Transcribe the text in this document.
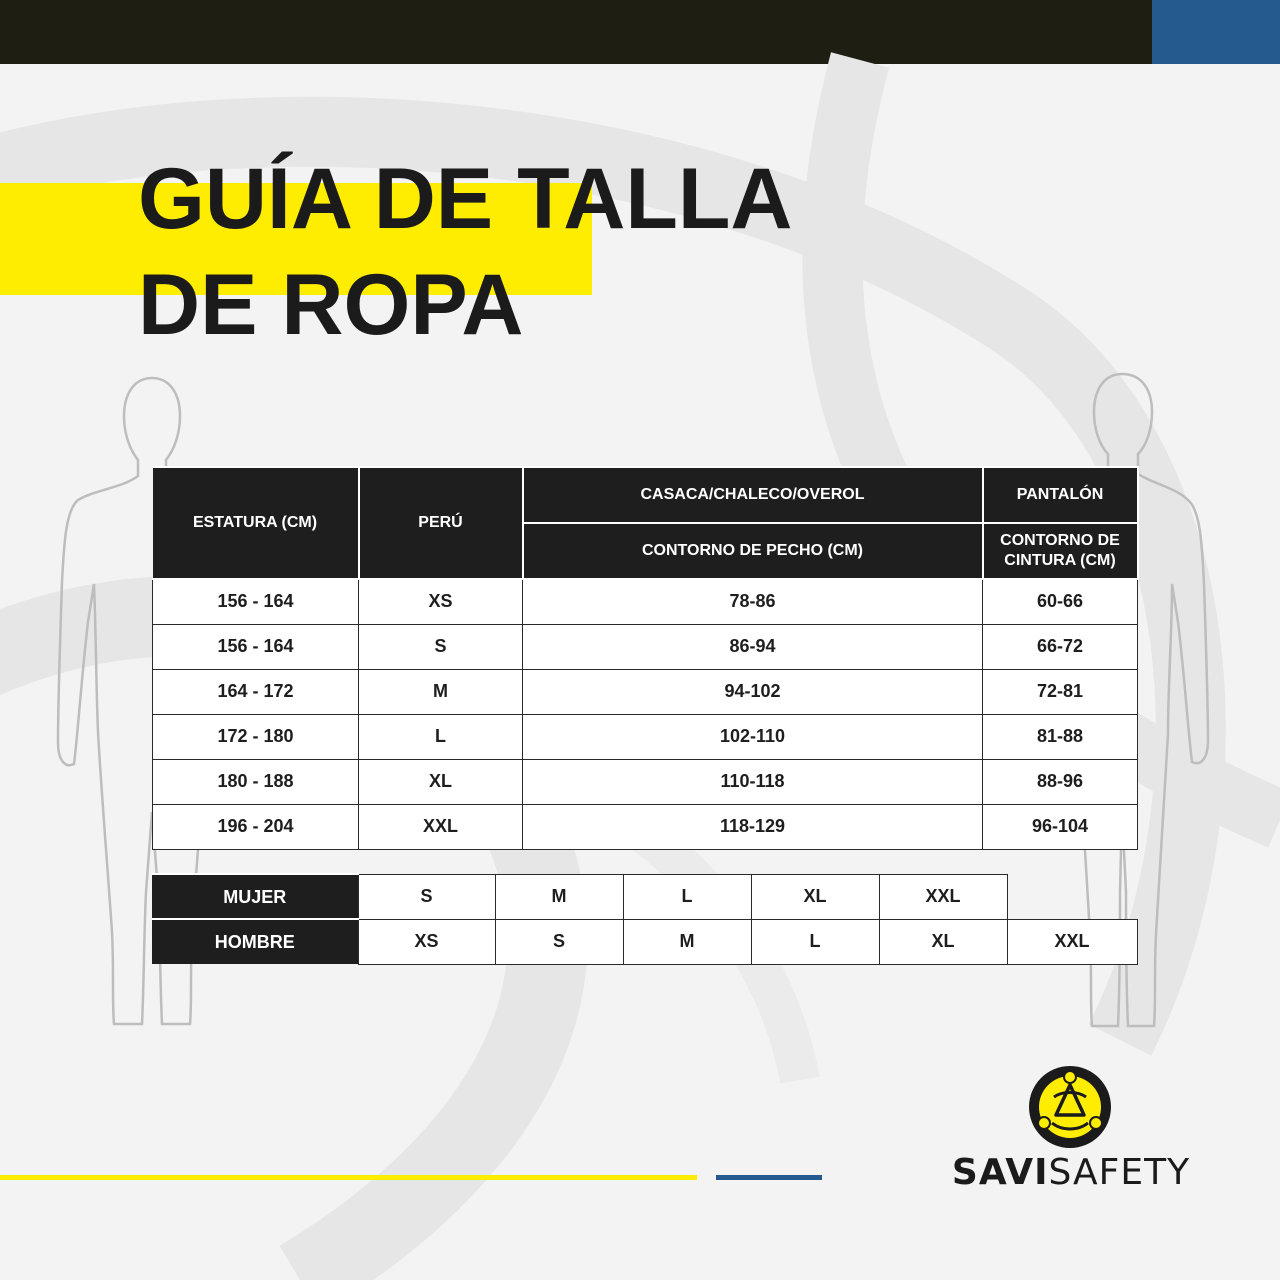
GUÍA DE TALLA
DE ROPA
ESTATURA (CM)	PERÚ	CASACA/CHALECO/OVEROL	PANTALÓN
		CONTORNO DE PECHO (CM)	CONTORNO DE CINTURA (CM)
156 - 164	XS	78-86	60-66
156 - 164	S	86-94	66-72
164 - 172	M	94-102	72-81
172 - 180	L	102-110	81-88
180 - 188	XL	110-118	88-96
196 - 204	XXL	118-129	96-104
MUJER	S	M	L	XL	XXL	
HOMBRE	XS	S	M	L	XL	XXL
SAVISAFETY
